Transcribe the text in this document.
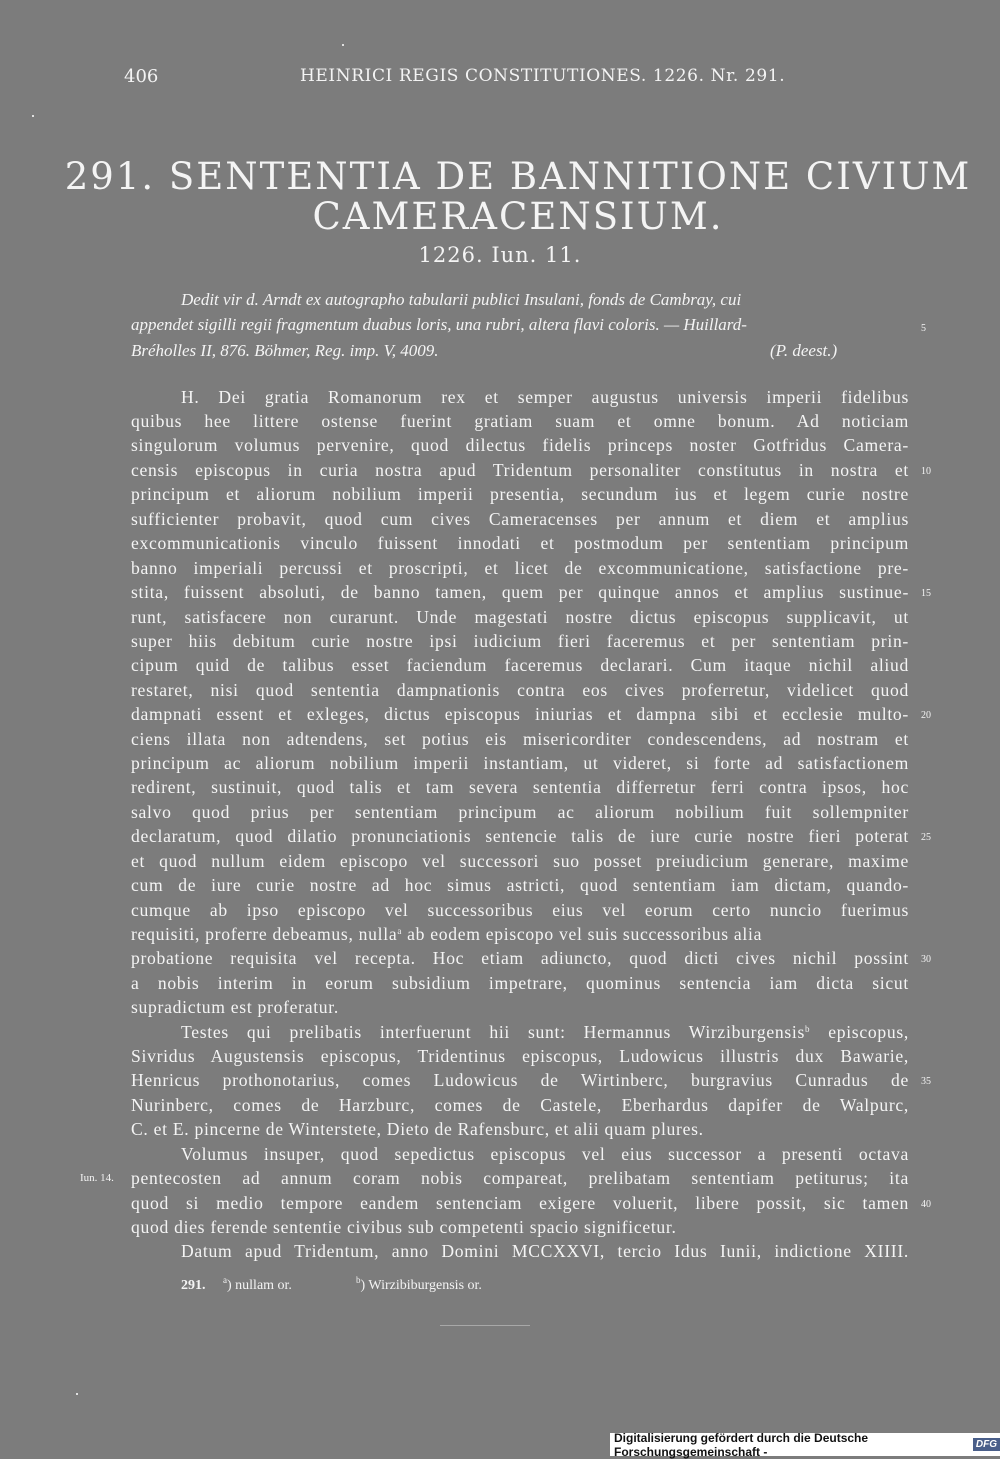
406	HEINRICI REGIS CONSTITUTIONES. 1226. Nr. 291.
291. SENTENTIA DE BANNITIONE CIVIUM
CAMERACENSIUM.
1226. Iun. 11.
Dedit vir d. Arndt ex autographo tabularii publici Insulani, fonds de Cambray, cui
appendet sigilli regii fragmentum duabus loris, una rubri, altera flavi coloris. — Huillard-
Bréholles II, 876. Böhmer, Reg. imp. V, 4009.	(P. deest.)
H. Dei gratia Romanorum rex et semper augustus universis imperii fidelibus
quibus hee littere ostense fuerint gratiam suam et omne bonum. Ad noticiam
singulorum volumus pervenire, quod dilectus fidelis princeps noster Gotfridus Camera-
censis episcopus in curia nostra apud Tridentum personaliter constitutus in nostra et
principum et aliorum nobilium imperii presentia, secundum ius et legem curie nostre
sufficienter probavit, quod cum cives Cameracenses per annum et diem et amplius
excommunicationis vinculo fuissent innodati et postmodum per sententiam principum
banno imperiali percussi et proscripti, et licet de excommunicatione, satisfactione pre-
stita, fuissent absoluti, de banno tamen, quem per quinque annos et amplius sustinue-
runt, satisfacere non curarunt. Unde magestati nostre dictus episcopus supplicavit, ut
super hiis debitum curie nostre ipsi iudicium fieri faceremus et per sententiam prin-
cipum quid de talibus esset faciendum faceremus declarari. Cum itaque nichil aliud
restaret, nisi quod sententia dampnationis contra eos cives proferretur, videlicet quod
dampnati essent et exleges, dictus episcopus iniurias et dampna sibi et ecclesie multo-
ciens illata non adtendens, set potius eis misericorditer condescendens, ad nostram et
principum ac aliorum nobilium imperii instantiam, ut videret, si forte ad satisfactionem
redirent, sustinuit, quod talis et tam severa sententia differretur ferri contra ipsos, hoc
salvo quod prius per sententiam principum ac aliorum nobilium fuit sollempniter
declaratum, quod dilatio pronunciationis sentencie talis de iure curie nostre fieri poterat
et quod nullum eidem episcopo vel successori suo posset preiudicium generare, maxime
cum de iure curie nostre ad hoc simus astricti, quod sententiam iam dictam, quando-
cumque ab ipso episcopo vel successoribus eius vel eorum certo nuncio fuerimus
requisiti, proferre debeamus, nulla$^a$ ab eodem episcopo vel suis successoribus alia
probatione requisita vel recepta. Hoc etiam adiuncto, quod dicti cives nichil possint
a nobis interim in eorum subsidium impetrare, quominus sentencia iam dicta sicut
supradictum est proferatur.
Testes qui prelibatis interfuerunt hii sunt: Hermannus Wirziburgensis$^b$ episcopus,
Sivridus Augustensis episcopus, Tridentinus episcopus, Ludowicus illustris dux Bawarie,
Henricus prothonotarius, comes Ludowicus de Wirtinberc, burgravius Cunradus de
Nurinberc, comes de Harzburc, comes de Castele, Eberhardus dapifer de Walpurc,
C. et E. pincerne de Winterstete, Dieto de Rafensburc, et alii quam plures.
Volumus insuper, quod sepedictus episcopus vel eius successor a presenti octava
pentecosten ad annum coram nobis compareat, prelibatam sententiam petiturus; ita
quod si medio tempore eandem sentenciam exigere voluerit, libere possit, sic tamen
quod dies ferende sententie civibus sub competenti spacio significetur.
Datum apud Tridentum, anno Domini MCCXXVI, tercio Idus Iunii, indictione XIIII.
5
10
15
20
25
30
35
40
Iun. 14.
291. $^a$) nullam or.	$^b$) Wirzibiburgensis or.
Digitalisierung gefördert durch die Deutsche Forschungsgemeinschaft -	DFG
